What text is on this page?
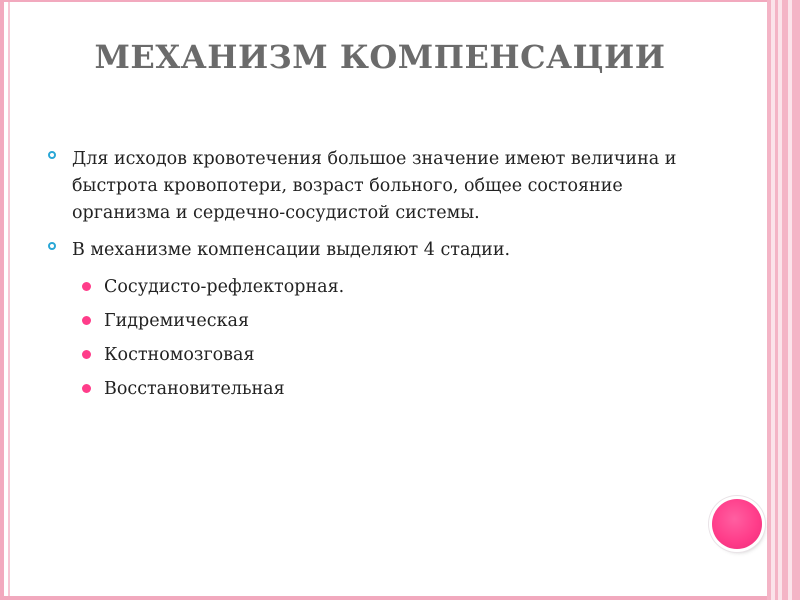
МЕХАНИЗМ КОМПЕНСАЦИИ
Для исходов кровотечения большое значение имеют величина и быстрота кровопотери, возраст больного, общее состояние организма и сердечно-сосудистой системы.
В механизме компенсации выделяют 4 стадии.
Сосудисто-рефлекторная.
Гидремическая
Костномозговая
Восстановительная
